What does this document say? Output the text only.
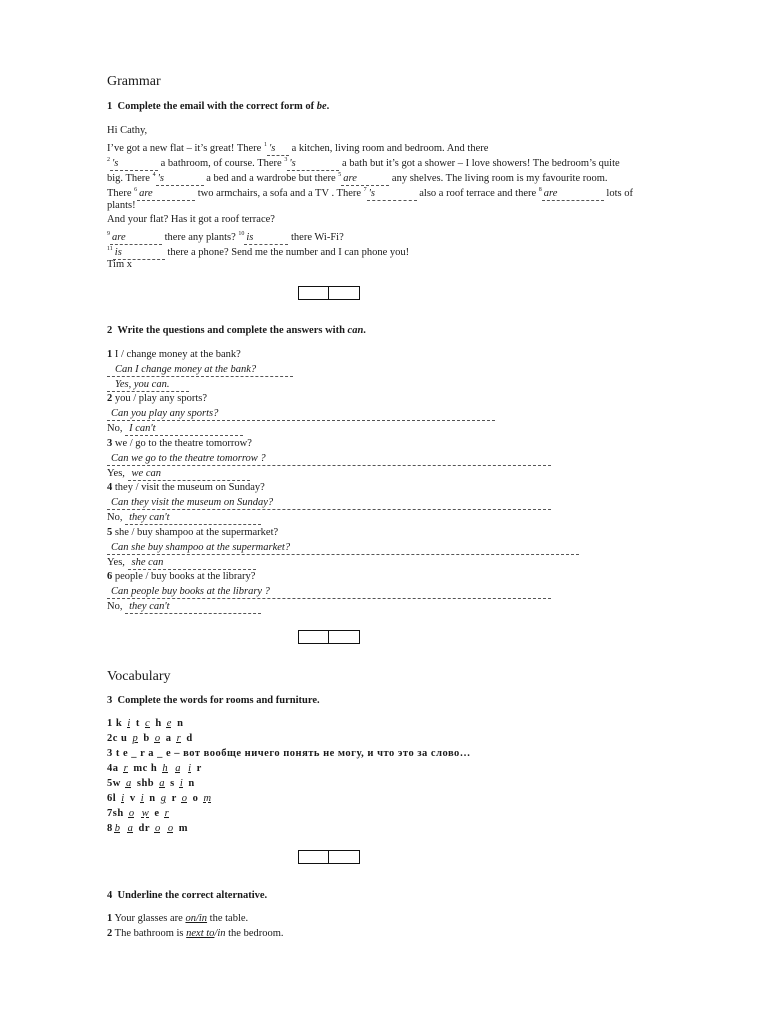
Grammar
1 Complete the email with the correct form of be.
Hi Cathy,
I’ve got a new flat – it’s great! There $^1$ 's a kitchen, living room and bedroom. And there
$^2$ 's	a bathroom, of course. There $^3$ 's	a bath but it’s got a shower – I love showers! The bedroom’s quite
big. There $^4$ 's	a bed and a wardrobe but there $^5$ are	any shelves. The living room is my favourite room.
There $^6$ are	two armchairs, a sofa and a TV . There $^7$ 's	also a roof terrace and there $^8$ are	lots of
plants!
And your flat? Has it got a roof terrace?
$^9$ are	there any plants? $^{10}$ is	there Wi-Fi?
$^{11}$ is	there a phone? Send me the number and I can phone you!
Tim x
2 Write the questions and complete the answers with can.
1 I / change money at the bank?
Can I change money at the bank?
Yes, you can.
2 you / play any sports?
Can you play any sports?
No, I can't
3 we / go to the theatre tomorrow?
Can we go to the theatre tomorrow ?
Yes, we can
4 they / visit the museum on Sunday?
Can they visit the museum on Sunday?
No, they can't
5 she / buy shampoo at the supermarket?
Can she buy shampoo at the supermarket?
Yes, she can
6 people / buy books at the library?
Can people buy books at the library ?
No, they can't
Vocabulary
3 Complete the words for rooms and furniture.
1 k i t c h e n
2c u p b o a r d
3 t e _ r a _ e – вот вообще ничего понять не могу, и что это за слово…
4a r mc h h a i r
5w a shb a s i n
6l i v i n g r o o m
7sh o w e r
8 b a dr o o m
4 Underline the correct alternative.
1 Your glasses are on/in the table.
2 The bathroom is next to/in the bedroom.
